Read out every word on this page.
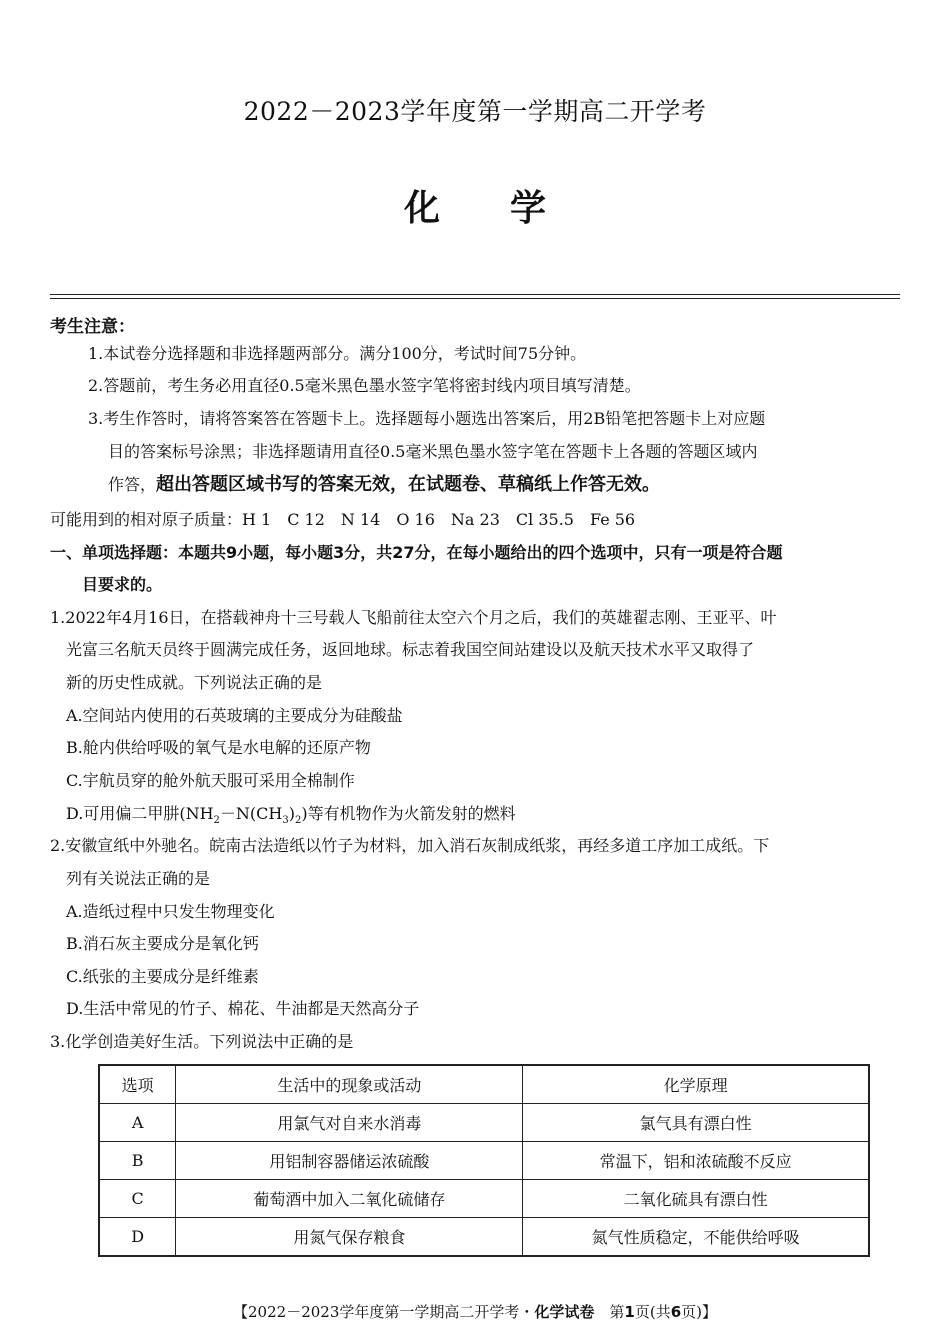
2022－2023学年度第一学期高二开学考
化学
考生注意：
1.本试卷分选择题和非选择题两部分。满分100分，考试时间75分钟。
2.答题前，考生务必用直径0.5毫米黑色墨水签字笔将密封线内项目填写清楚。
3.考生作答时，请将答案答在答题卡上。选择题每小题选出答案后，用2B铅笔把答题卡上对应题
目的答案标号涂黑；非选择题请用直径0.5毫米黑色墨水签字笔在答题卡上各题的答题区域内
作答，超出答题区域书写的答案无效，在试题卷、草稿纸上作答无效。
可能用到的相对原子质量：H 1　C 12　N 14　O 16　Na 23　Cl 35.5　Fe 56
一、单项选择题：本题共9小题，每小题3分，共27分，在每小题给出的四个选项中，只有一项是符合题
目要求的。
1.2022年4月16日，在搭载神舟十三号载人飞船前往太空六个月之后，我们的英雄翟志刚、王亚平、叶
光富三名航天员终于圆满完成任务，返回地球。标志着我国空间站建设以及航天技术水平又取得了
新的历史性成就。下列说法正确的是
A.空间站内使用的石英玻璃的主要成分为硅酸盐
B.舱内供给呼吸的氧气是水电解的还原产物
C.宇航员穿的舱外航天服可采用全棉制作
D.可用偏二甲肼$(NH_2-N(CH_3)_2)$等有机物作为火箭发射的燃料
2.安徽宣纸中外驰名。皖南古法造纸以竹子为材料，加入消石灰制成纸浆，再经多道工序加工成纸。下
列有关说法正确的是
A.造纸过程中只发生物理变化
B.消石灰主要成分是氧化钙
C.纸张的主要成分是纤维素
D.生活中常见的竹子、棉花、牛油都是天然高分子
3.化学创造美好生活。下列说法中正确的是
选项	生活中的现象或活动	化学原理
A	用氯气对自来水消毒	氯气具有漂白性
B	用铝制容器储运浓硫酸	常温下，铝和浓硫酸不反应
C	葡萄酒中加入二氧化硫储存	二氧化硫具有漂白性
D	用氮气保存粮食	氮气性质稳定，不能供给呼吸
【2022－2023学年度第一学期高二开学考・化学试卷　第1页(共6页)】
